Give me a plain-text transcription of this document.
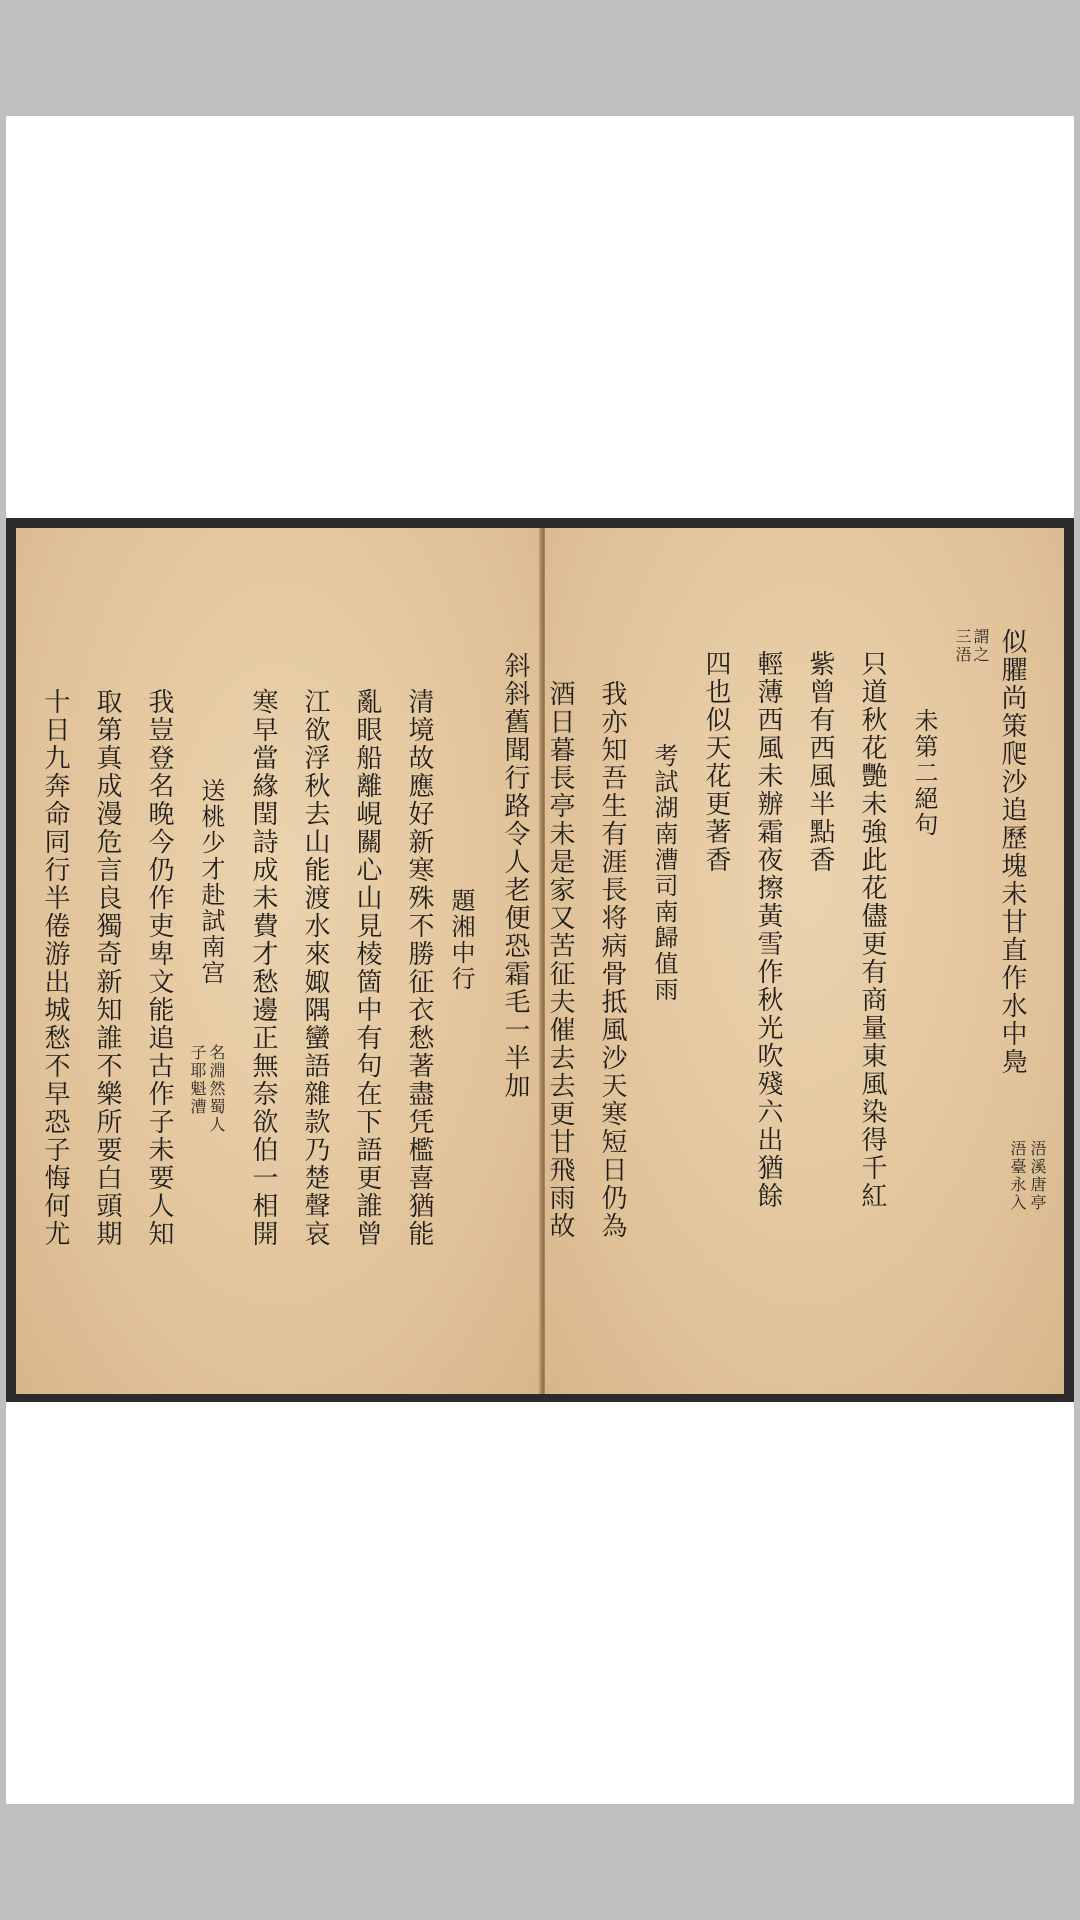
題湘中行
清境故應好新寒殊不勝征衣愁著盡凭檻喜猶能
亂眼船離峴關心山見棱箇中有句在下語更誰曾
江欲浮秋去山能渡水來娵隅蠻語雜款乃楚聲哀
寒早當緣閏詩成未費才愁邊正無奈欲伯一相開
送桃少才赴試南宫
名淵然蜀人
子耶魁漕
我豈登名晚今仍作吏卑文能追古作子未要人知
取第真成漫危言良獨奇新知誰不樂所要白頭期
十日九奔命同行半倦游出城愁不早恐子悔何尤	似臞尚策爬沙追歷塊未甘直作水中鳧
浯溪唐亭
浯臺永入
謂之
三浯
未第二絕句
只道秋花艷未強此花儘更有商量東風染得千紅
紫曾有西風半點香
輕薄西風未辦霜夜擦黃雪作秋光吹殘六出猶餘
四也似天花更著香
考試湖南漕司南歸值雨
我亦知吾生有涯長将病骨抵風沙天寒短日仍為
酒日暮長亭未是家又苦征夫催去去更甘飛雨故
斜斜舊聞行路令人老便恐霜毛一半加
